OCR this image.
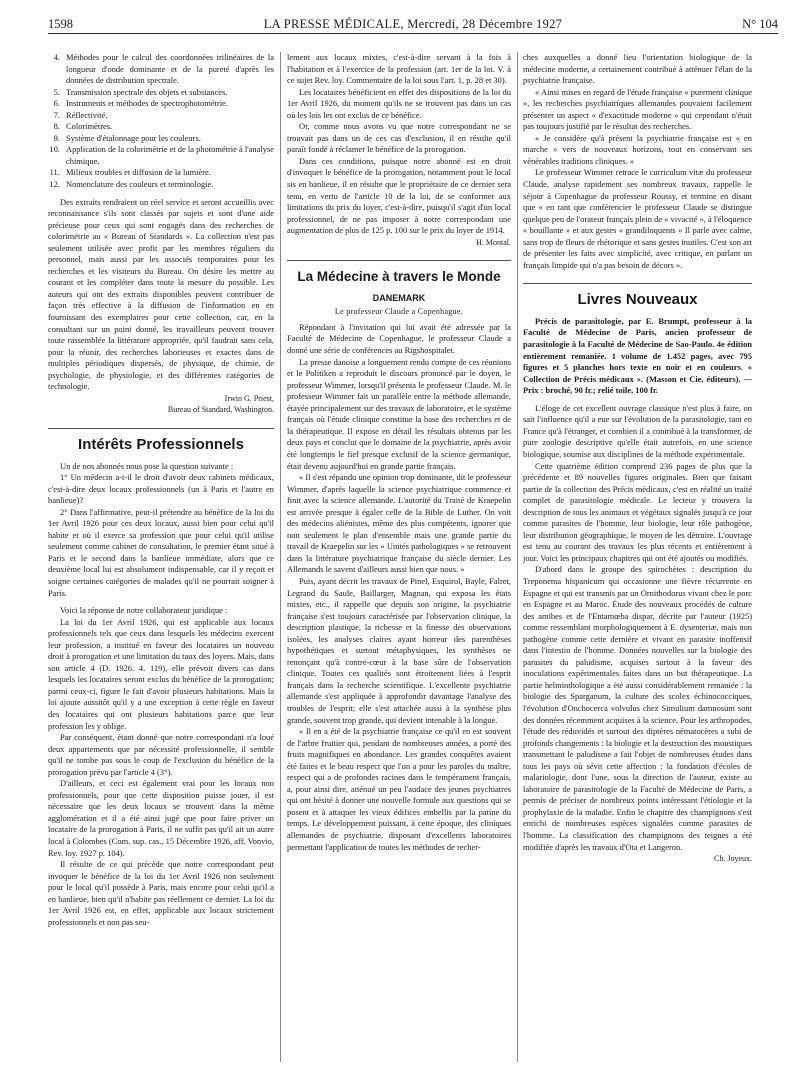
1598	LA PRESSE MÉDICALE, Mercredi, 28 Décembre 1927	N° 104
4. Méthodes pour le calcul des coordonnées trilinéaires de la longueur d'onde dominante et de la pureté d'après les données de distribution spectrale.
5. Transmission spectrale des objets et substances.
6. Instruments et méthodes de spectrophotométrie.
7. Réflectivité.
8. Colorimètres.
9. Système d'étalonnage pour les couleurs.
10. Application de la colorimétrie et de la photométrie à l'analyse chimique.
11. Milieux troubles et diffusion de la lumière.
12. Nomenclature des couleurs et terminologie.

Des extraits rendraient un réel service et seront accueillis avec reconnaissance s'ils sont classés par sujets et sont d'une aide précieuse pour ceux qui sont engagés dans des recherches de colorimétrie au « Bureau of Standards ». La collection n'est pas seulement utilisée avec profit par les membres réguliers du personnel, mais aussi par les associés temporaires pour les recherches et les visiteurs du Bureau. On désire les mettre au courant et les compléter dans toute la mesure du possible. Les auteurs qui ont des extraits disponibles peuvent contribuer de façon très effective à la diffusion de l'information en en fournissant des exemplaires pour cette collection, car, en la consultant sur un point donné, les travailleurs peuvent trouver toute rassemblée la littérature appropriée, qu'il faudrait sans cela, pour la réunir, des recherches laborieuses et exactes dans de multiples périodiques dispersés, de physique, de chimie, de psychologie, de physiologie, et des différentes catégories de technologie.

Irwin G. Priest,

Bureau of Standard, Washington.

Intérêts Professionnels

Un de nos abonnés nous pose la question suivante :

1° Un médecin a-t-il le droit d'avoir deux cabinets médicaux, c'est-à-dire deux locaux professionnels (un à Paris et l'autre en banlieue)?

2° Dans l'affirmative, peut-il prétendre au bénéfice de la loi du 1er Avril 1926 pour ces deux locaux, aussi bien pour celui qu'il habite et où il exerce sa profession que pour celui qu'il utilise seulement comme cabinet de consultation, le premier étant situé à Paris et le second dans la banlieue immédiate, alors que ce deuxième local lui est absolument indispensable, car il y reçoit et soigne certaines catégories de malades qu'il ne pourrait soigner à Paris.

Voici la réponse de notre collaborateur juridique :

La loi du 1er Avril 1926, qui est applicable aux locaux professionnels tels que ceux dans lesquels les médecins exercent leur profession, a institué en faveur des locataires un nouveau droit à prorogation et une limitation du taux des loyers. Mais, dans son article 4 (D. 1926. 4. 119), elle prévoit divers cas dans lesquels les locataires seront exclus du bénéfice de la prorogation; parmi ceux-ci, figure le fait d'avoir plusieurs habitations. Mais la loi ajoute aussitôt qu'il y a une exception à cette règle en faveur des locataires qui ont plusieurs habitations parce que leur profession les y oblige.

Par conséquent, étant donné que notre correspondant n'a loué deux appartements que par nécessité professionnelle, il semble qu'il ne tombe pas sous le coup de l'exclusion du bénéfice de la prorogation prévu par l'article 4 (3°).

D'ailleurs, et ceci est également vrai pour les locaux non professionnels, pour que cette disposition puisse jouer, il est nécessaire que les deux locaux se trouvent dans la même agglomération et il a été ainsi jugé que pour faire priver un locataire de la prorogation à Paris, il ne suffit pas qu'il ait un autre local à Colombes (Com. sup. cas., 15 Décembre 1926, aff. Vonvio, Rev. loy. 1927 p. 104).

Il résulte de ce qui précède que notre correspondant peut invoquer le bénéfice de la loi du 1er Avril 1926 non seulement pour le local qu'il possède à Paris, mais encore pour celui qu'il a en banlieue, bien qu'il n'habite pas réellement ce dernier. La loi du 1er Avril 1926 est, en effet, applicable aux locaux strictement professionnels et non pas seu-

lement aux locaux mixtes, c'est-à-dire servant à la fois à l'habitation et à l'exercice de la profession (art. 1er de la loi. V. à ce sujet Rev. loy. Commentaire de la loi sous l'art. 1, p. 28 et 30).

Les locataires bénéficient en effet des dispositions de la loi du 1er Avril 1926, du moment qu'ils ne se trouvent pas dans un cas où les lois les ont exclus de ce bénéfice.

Or, comme nous avons vu que notre correspondant ne se trouvait pas dans un de ces cas d'exclusion, il en résulte qu'il paraît fondé à réclamer le bénéfice de la prorogation.

Dans ces conditions, puisque notre abonné est en droit d'invoquer le bénéfice de la prorogation, notamment pour le local sis en banlieue, il en résulte que le propriétaire de ce dernier sera tenu, en vertu de l'article 10 de la loi, de se conformer aux limitations du prix du loyer, c'est-à-dire, puisqu'il s'agit d'un local professionnel, de ne pas imposer à notre correspondant une augmentation de plus de 125 p. 100 sur le prix du loyer de 1914.

H. Montal.

La Médecine à travers le Monde
DANEMARK
Le professeur Claude a Copenhague.

Répondant à l'invitation qui lui avait été adressée par la Faculté de Médecine de Copenhague, le professeur Claude a donné une série de conférences au Rigshospitalet.

La presse danoise a longuement rendu compte de ces réunions et le Politiken a reproduit le discours prononcé par le doyen, le professeur Wimmer, lorsqu'il présenta le professeur Claude. M. le professeur Wimmer fait un parallèle entre la méthode allemande, étayée principalement sur des travaux de laboratoire, et le système français où l'étude clinique constitue la base des recherches et de la thérapeutique. Il expose en détail les résultats obtenus par les deux pays et conclut que le domaine de la psychiatrie, après avoir été longtemps le fief presque exclusif de la science germanique, était devenu aujourd'hui en grande partie français.

« Il s'est répandu une opinion trop dominante, dit le professeur Wimmer, d'après laquelle la science psychiatrique commence et finit avec la science allemande. L'autorité du Traité de Kraepelin est arrivée presque à égaler celle de la Bible de Luther. On voit des médecins aliénistes, même des plus compétents, ignorer que non seulement le plan d'ensemble mais une grande partie du travail de Kraepelin sur les « Unités pathologiques » se retrouvent dans la littérature psychiatrique française du siècle dernier. Les Allemands le savent d'ailleurs aussi bien que nous. »

Puis, ayant décrit les travaux de Pinel, Esquirol, Bayle, Falret, Legrand du Saule, Baillarger, Magnan, qui exposa les états mixtes, etc., il rappelle que depuis son origine, la psychiatrie française s'est toujours caractérisée par l'observation clinique, la description plastique, la richesse et la finesse des observations isolées, les analyses claires ayant horreur des parenthèses hypothétiques et surtout métaphysiques, les synthèses ne renonçant qu'à contre-cœur à la base sûre de l'observation clinique. Toutes ces qualités sont étroitement liées à l'esprit français dans la recherche scientifique. L'excellente psychiatrie allemande s'est appliquée à approfondir davantage l'analyse des troubles de l'esprit; elle s'est attachée aussi à la synthèse plus grande, souvent trop grande, qui devient intenable à la longue.

« Il en a été de la psychiatrie française ce qu'il en est souvent de l'arbre fruitier qui, pendant de nombreuses années, a porté des fruits magnifiques en abondance. Les grandes conquêtes avaient été faites et le beau respect que l'on a pour les paroles du maître, respect qui a de profondes racines dans le tempérament français, a, pour ainsi dire, atténué un peu l'audace des jeunes psychiatres qui ont hésité à donner une nouvelle formule aux questions qui se posent et à attaquer les vieux édifices embellis par la patine du temps. Le développement puissant, à cette époque, des cliniques allemandes de psychiatrie, disposant d'excellents laboratoires permettant l'application de toutes les méthodes de recher-

ches auxquelles a donné lieu l'orientation biologique de la médecine moderne, a certainement contribué à atténuer l'élan de la psychiatrie française.

« Ainsi mises en regard de l'étude française « purement clinique », les recherches psychiatriques allemandes pouvaient facilement présenter un aspect « d'exactitude moderne » qui cependant n'était pas toujours justifié par le résultat des recherches.

« Je considère qu'à présent la psychiatrie française est « en marche » vers de nouveaux horizons, tout en conservant ses vénérables traditions cliniques. »

Le professeur Wimmer retrace le curriculum vitæ du professeur Claude, analyse rapidement ses nombreux travaux, rappelle le séjour à Copenhague du professeur Roussy, et termine en disant que « en tant que conférencier le professeur Claude se distingue quelque peu de l'orateur français plein de « vivacité », à l'éloquence « bouillante » et aux gestes « grandiloquents » Il parle avec calme, sans trop de fleurs de rhétorique et sans gestes inutiles. C'est son art de présenter les faits avec simplicité, avec critique, en parlant un français limpide qui n'a pas besoin de décors ».

Livres Nouveaux

Précis de parasitologie, par E. Brumpt, professeur à la Faculté de Médecine de Paris, ancien professeur de parasitologie à la Faculté de Médecine de Sao-Paulo. 4e édition entièrement remaniée. 1 volume de 1.452 pages, avec 795 figures et 5 planches hors texte en noir et en couleurs. « Collection de Précis médicaux ». (Masson et Cie, éditeurs). — Prix : broché, 90 fr.; relié toile, 100 fr.

L'éloge de cet excellent ouvrage classique n'est plus à faire, on sait l'influence qu'il a eue sur l'évolution de la parasitologie, tant en France qu'à l'étranger, et combien il a contribué à la transformer, de pure zoologie descriptive qu'elle était autrefois, en une science biologique, soumise aux disciplines de la méthode expérimentale.

Cette quatrième édition comprend 236 pages de plus que la précédente et 89 nouvelles figures originales. Bien que faisant partie de la collection des Précis médicaux, c'est en réalité un traité complet de parasitologie médicale. Le lecteur y trouvera la description de tous les animaux et végétaux signalés jusqu'à ce jour comme parasites de l'homme, leur biologie, leur rôle pathogène, leur distribution géographique, le moyen de les détruire. L'ouvrage est tenu au courant des travaux les plus récents et entièrement à jour. Voici les principaux chapitres qui ont été ajoutés ou modifiés.

D'abord dans le groupe des spirochètes : description du Treponema hispanicum qui occasionne une fièvre récurrente en Espagne et qui est transmis par un Ornithodorus vivant chez le porc en Espagne et au Maroc. Étude des nouveaux procédés de culture des amibes et de l'Entamœba dispar, décrite par l'auteur (1925) comme ressemblant morphologiquement à E. dysenteriæ, mais non pathogène comme cette dernière et vivant en parasite inoffensif dans l'intestin de l'homme. Données nouvelles sur la biologie des parasites du paludisme, acquises surtout à la faveur des inoculations expérimentales faites dans un but thérapeutique. La partie helminthologique a été aussi considérablement remaniée : la biologie des Sparganum, la culture des scolex échinococciques, l'évolution d'Onchocerca volvulus chez Simulium damnosum sont des données récemment acquises à la science. Pour les arthropodes, l'étude des réduvidés et surtout des diptères nématocères a subi de profonds changements : la biologie et la destruction des moustiques transmettant le paludisme a fait l'objet de nombreuses études dans tous les pays où sévit cette affection : la fondation d'écoles de malariologie, dont l'une, sous la direction de l'auteur, existe au laboratoire de parasitologie de la Faculté de Médecine de Paris, a permis de préciser de nombreux points intéressant l'étiologie et la prophylaxie de la maladie. Enfin le chapitre des champignons s'est enrichi de nombreuses espèces signalées comme parasites de l'homme. La classification des champignons des teignes a été modifiée d'après les travaux d'Ota et Langeron.

Ch. Joyeux.
